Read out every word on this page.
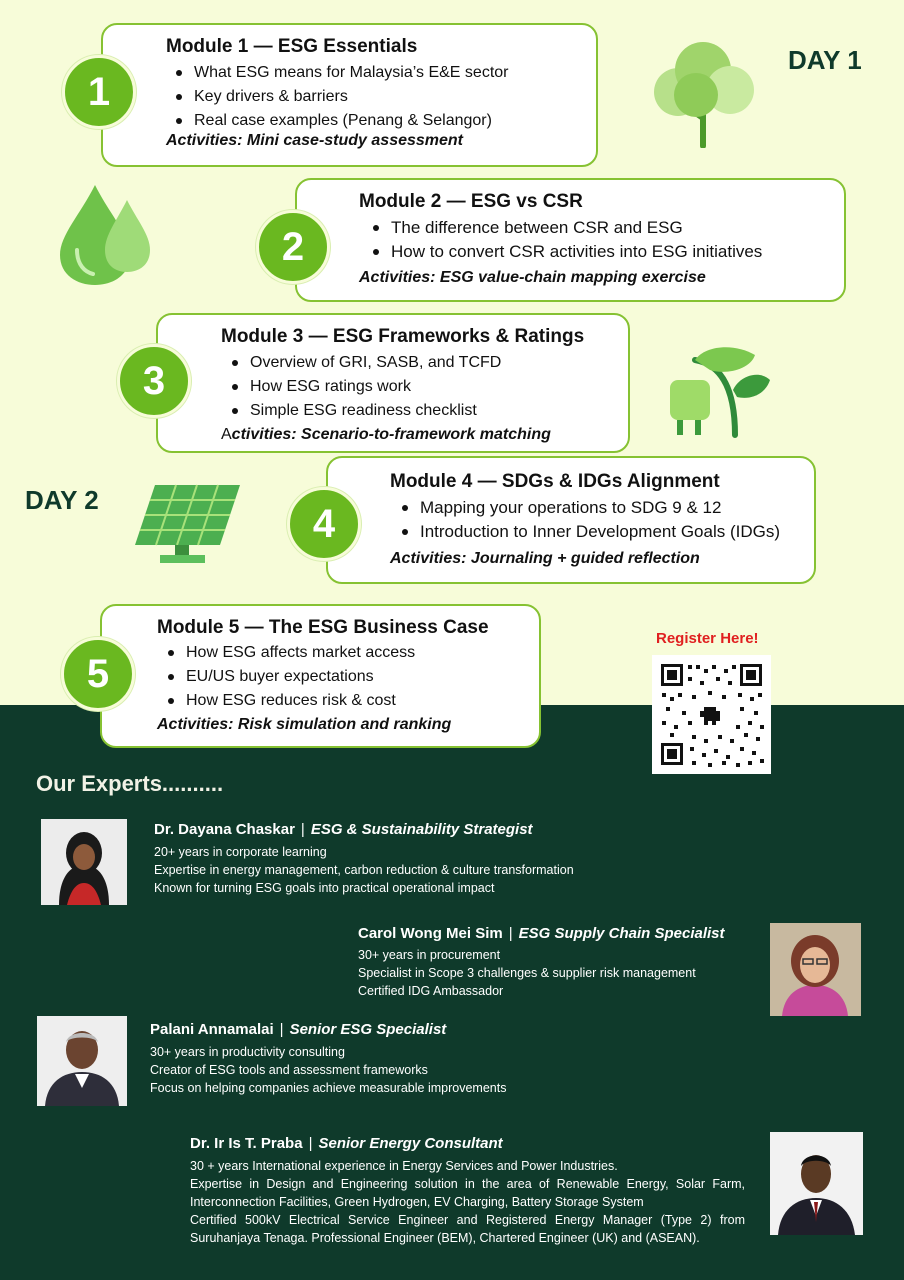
DAY 1
DAY 2
1
Module 1 — ESG Essentials
What ESG means for Malaysia’s E&E sector
Key drivers & barriers
Real case examples (Penang & Selangor)
Activities: Mini case-study assessment
2
Module 2 — ESG vs CSR
The difference between CSR and ESG
How to convert CSR activities into ESG initiatives
Activities: ESG value-chain mapping exercise
3
Module 3 — ESG Frameworks & Ratings
Overview of GRI, SASB, and TCFD
How ESG ratings work
Simple ESG readiness checklist
Activities: Scenario-to-framework matching
4
Module 4 — SDGs & IDGs Alignment
Mapping your operations to SDG 9 & 12
Introduction to Inner Development Goals (IDGs)
Activities: Journaling + guided reflection
5
Module 5 — The ESG Business Case
How ESG affects market access
EU/US buyer expectations
How ESG reduces risk & cost
Activities: Risk simulation and ranking
Register Here!
Our Experts..........
Dr. Dayana Chaskar | ESG & Sustainability Strategist
20+ years in corporate learning
Expertise in energy management, carbon reduction & culture transformation
Known for turning ESG goals into practical operational impact
Carol Wong Mei Sim | ESG Supply Chain Specialist
30+ years in procurement
Specialist in Scope 3 challenges & supplier risk management
Certified IDG Ambassador
Palani Annamalai | Senior ESG Specialist
30+ years in productivity consulting
Creator of ESG tools and assessment frameworks
Focus on helping companies achieve measurable improvements
Dr. Ir Is T. Praba | Senior Energy Consultant
30 + years International experience in Energy Services and Power Industries.
Expertise in Design and Engineering solution in the area of Renewable Energy, Solar Farm, Interconnection Facilities, Green Hydrogen, EV Charging, Battery Storage System
Certified 500kV Electrical Service Engineer and Registered Energy Manager (Type 2) from Suruhanjaya Tenaga. Professional Engineer (BEM), Chartered Engineer (UK) and (ASEAN).
